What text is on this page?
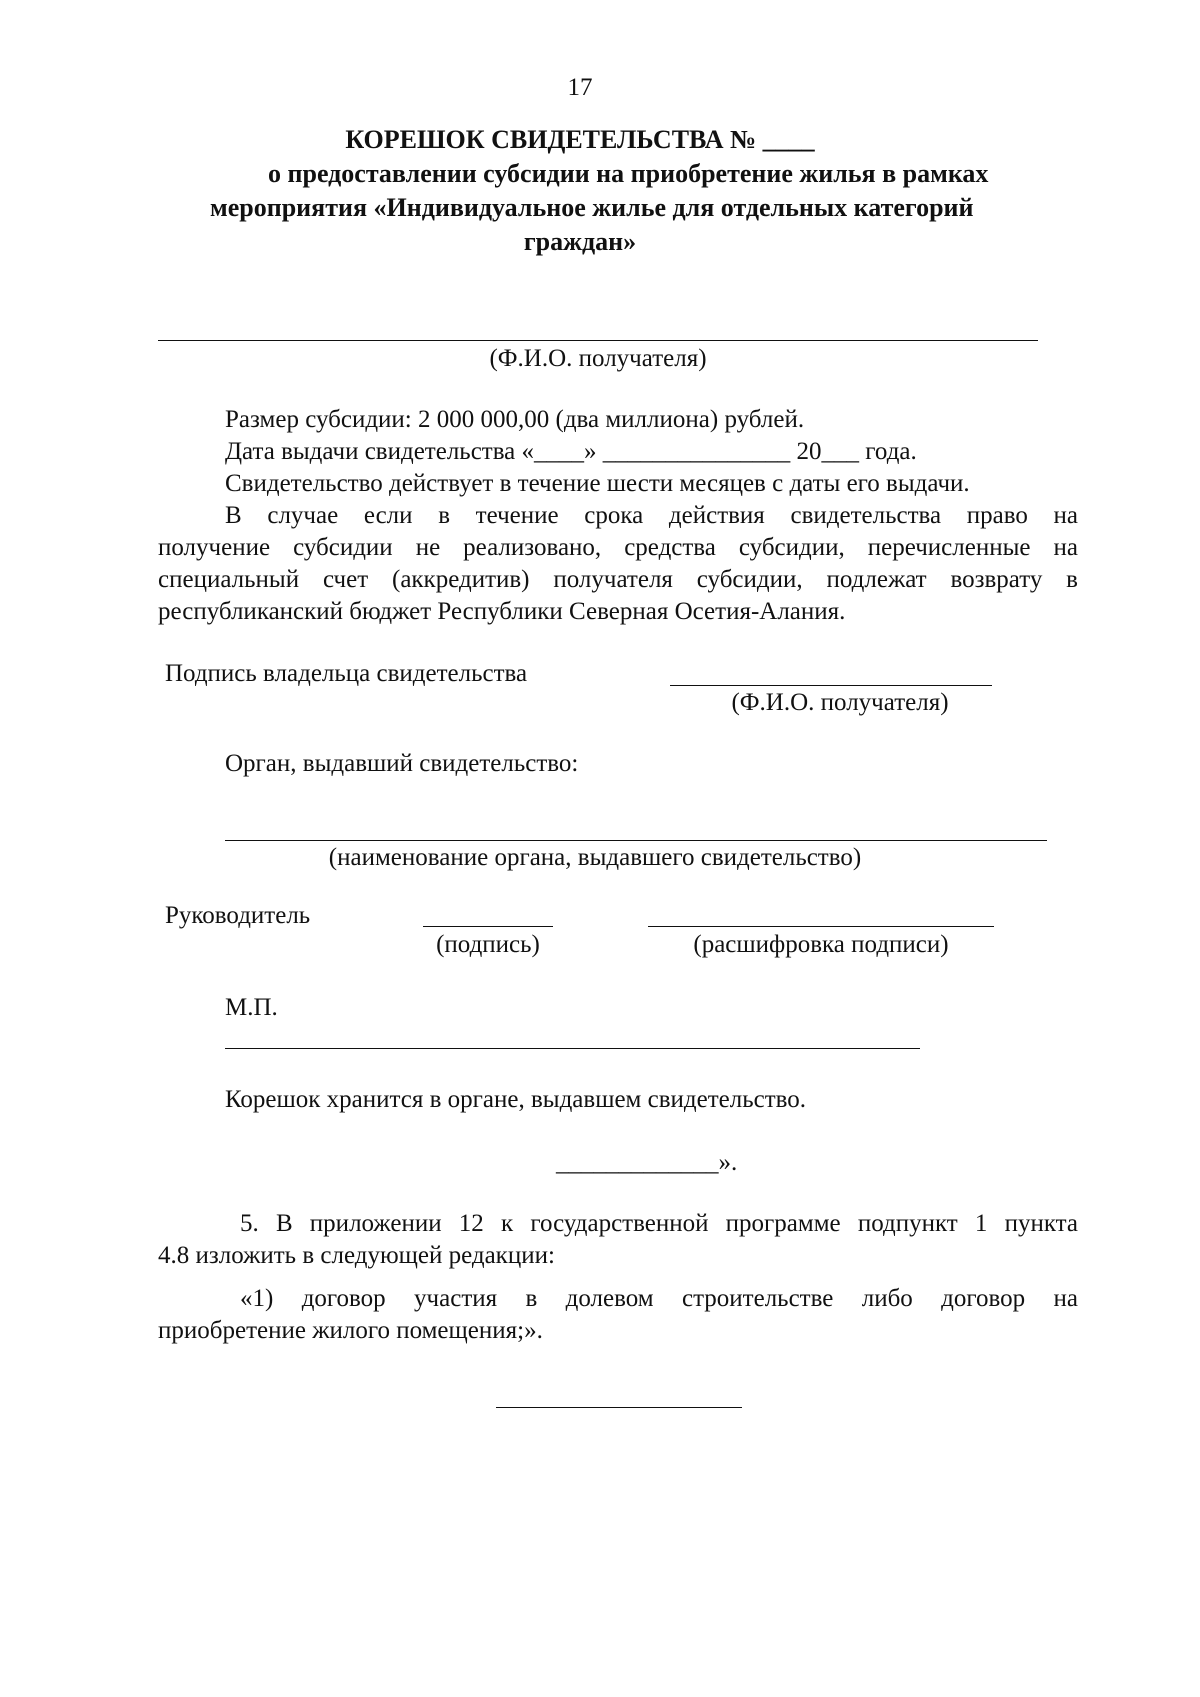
17
КОРЕШОК СВИДЕТЕЛЬСТВА № ____
о предоставлении субсидии на приобретение жилья в рамках
мероприятия «Индивидуальное жилье для отдельных категорий
граждан»
(Ф.И.О. получателя)
Размер субсидии: 2 000 000,00 (два миллиона) рублей.
Дата выдачи свидетельства «____» _______________ 20___ года.
Свидетельство действует в течение шести месяцев с даты его выдачи.
В случае если в течение срока действия свидетельства право на
получение субсидии не реализовано, средства субсидии, перечисленные на
специальный счет (аккредитив) получателя субсидии, подлежат возврату в
республиканский бюджет Республики Северная Осетия-Алания.
Подпись владельца свидетельства
(Ф.И.О. получателя)
Орган, выдавший свидетельство:
(наименование органа, выдавшего свидетельство)
Руководитель
(подпись)	(расшифровка подписи)
М.П.
Корешок хранится в органе, выдавшем свидетельство.
_____________».
5. В приложении 12 к государственной программе подпункт 1 пункта
4.8 изложить в следующей редакции:
«1) договор участия в долевом строительстве либо договор на
приобретение жилого помещения;».
